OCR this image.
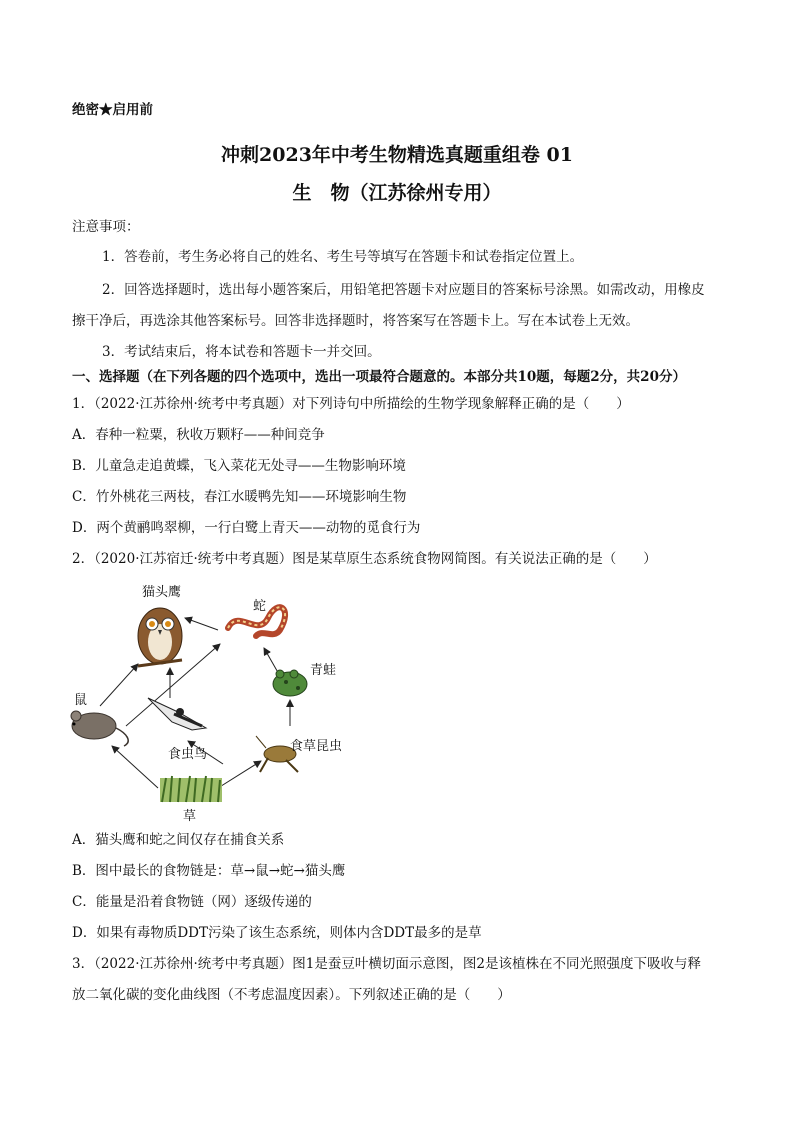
绝密★启用前
冲刺2023年中考生物精选真题重组卷 01
生　物（江苏徐州专用）
注意事项：
1．答卷前，考生务必将自己的姓名、考生号等填写在答题卡和试卷指定位置上。
2．回答选择题时，选出每小题答案后，用铅笔把答题卡对应题目的答案标号涂黑。如需改动，用橡皮
擦干净后，再选涂其他答案标号。回答非选择题时，将答案写在答题卡上。写在本试卷上无效。
3．考试结束后，将本试卷和答题卡一并交回。
一、选择题（在下列各题的四个选项中，选出一项最符合题意的。本部分共10题，每题2分，共20分）
1．（2022·江苏徐州·统考中考真题）对下列诗句中所描绘的生物学现象解释正确的是（　　）
A．春种一粒粟，秋收万颗籽——种间竞争
B．儿童急走追黄蝶，飞入菜花无处寻——生物影响环境
C．竹外桃花三两枝，春江水暖鸭先知——环境影响生物
D．两个黄鹂鸣翠柳，一行白鹭上青天——动物的觅食行为
2．（2020·江苏宿迁·统考中考真题）图是某草原生态系统食物网简图。有关说法正确的是（　　）
猫头鹰
蛇
青蛙
鼠
食虫鸟
食草昆虫
草
A．猫头鹰和蛇之间仅存在捕食关系
B．图中最长的食物链是：草→鼠→蛇→猫头鹰
C．能量是沿着食物链（网）逐级传递的
D．如果有毒物质DDT污染了该生态系统，则体内含DDT最多的是草
3．（2022·江苏徐州·统考中考真题）图1是蚕豆叶横切面示意图，图2是该植株在不同光照强度下吸收与释
放二氧化碳的变化曲线图（不考虑温度因素）。下列叙述正确的是（　　）
